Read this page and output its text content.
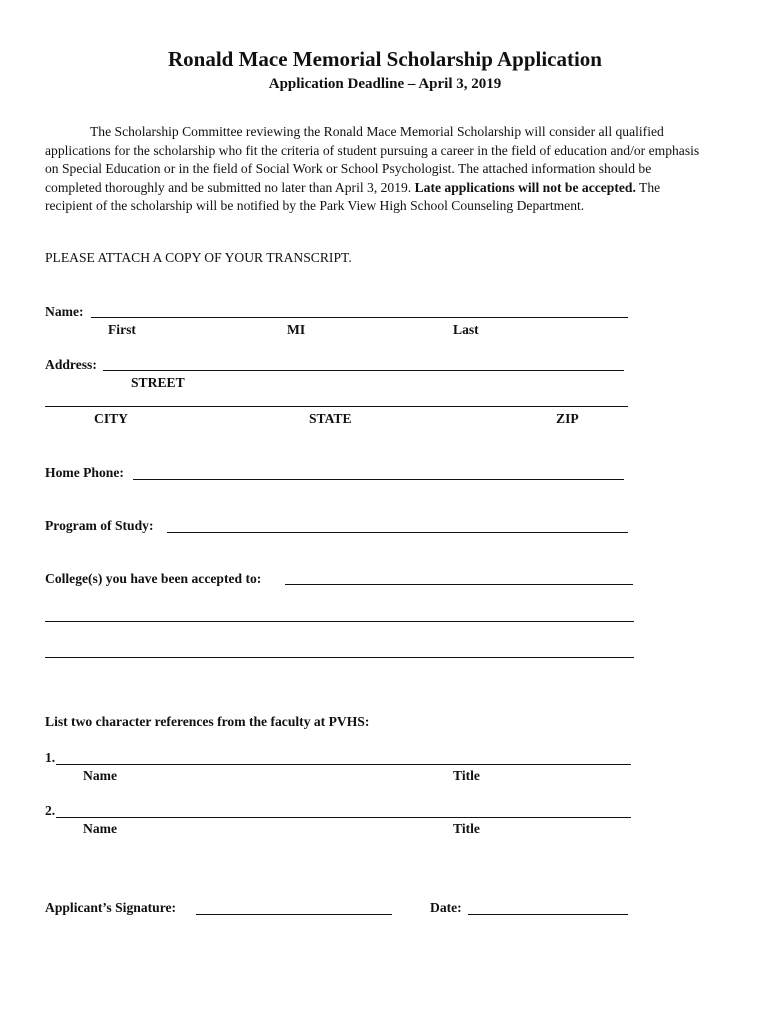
Ronald Mace Memorial Scholarship Application
Application Deadline – April 3, 2019
The Scholarship Committee reviewing the Ronald Mace Memorial Scholarship will consider all qualified applications for the scholarship who fit the criteria of student pursuing a career in the field of education and/or emphasis on Special Education or in the field of Social Work or School Psychologist. The attached information should be completed thoroughly and be submitted no later than April 3, 2019. Late applications will not be accepted. The recipient of the scholarship will be notified by the Park View High School Counseling Department.
PLEASE ATTACH A COPY OF YOUR TRANSCRIPT.
Name:
First	MI	Last
Address:
STREET
CITY	STATE	ZIP
Home Phone:
Program of Study:
College(s) you have been accepted to:
List two character references from the faculty at PVHS:
1.
Name	Title
2.
Name	Title
Applicant’s Signature:	Date:
